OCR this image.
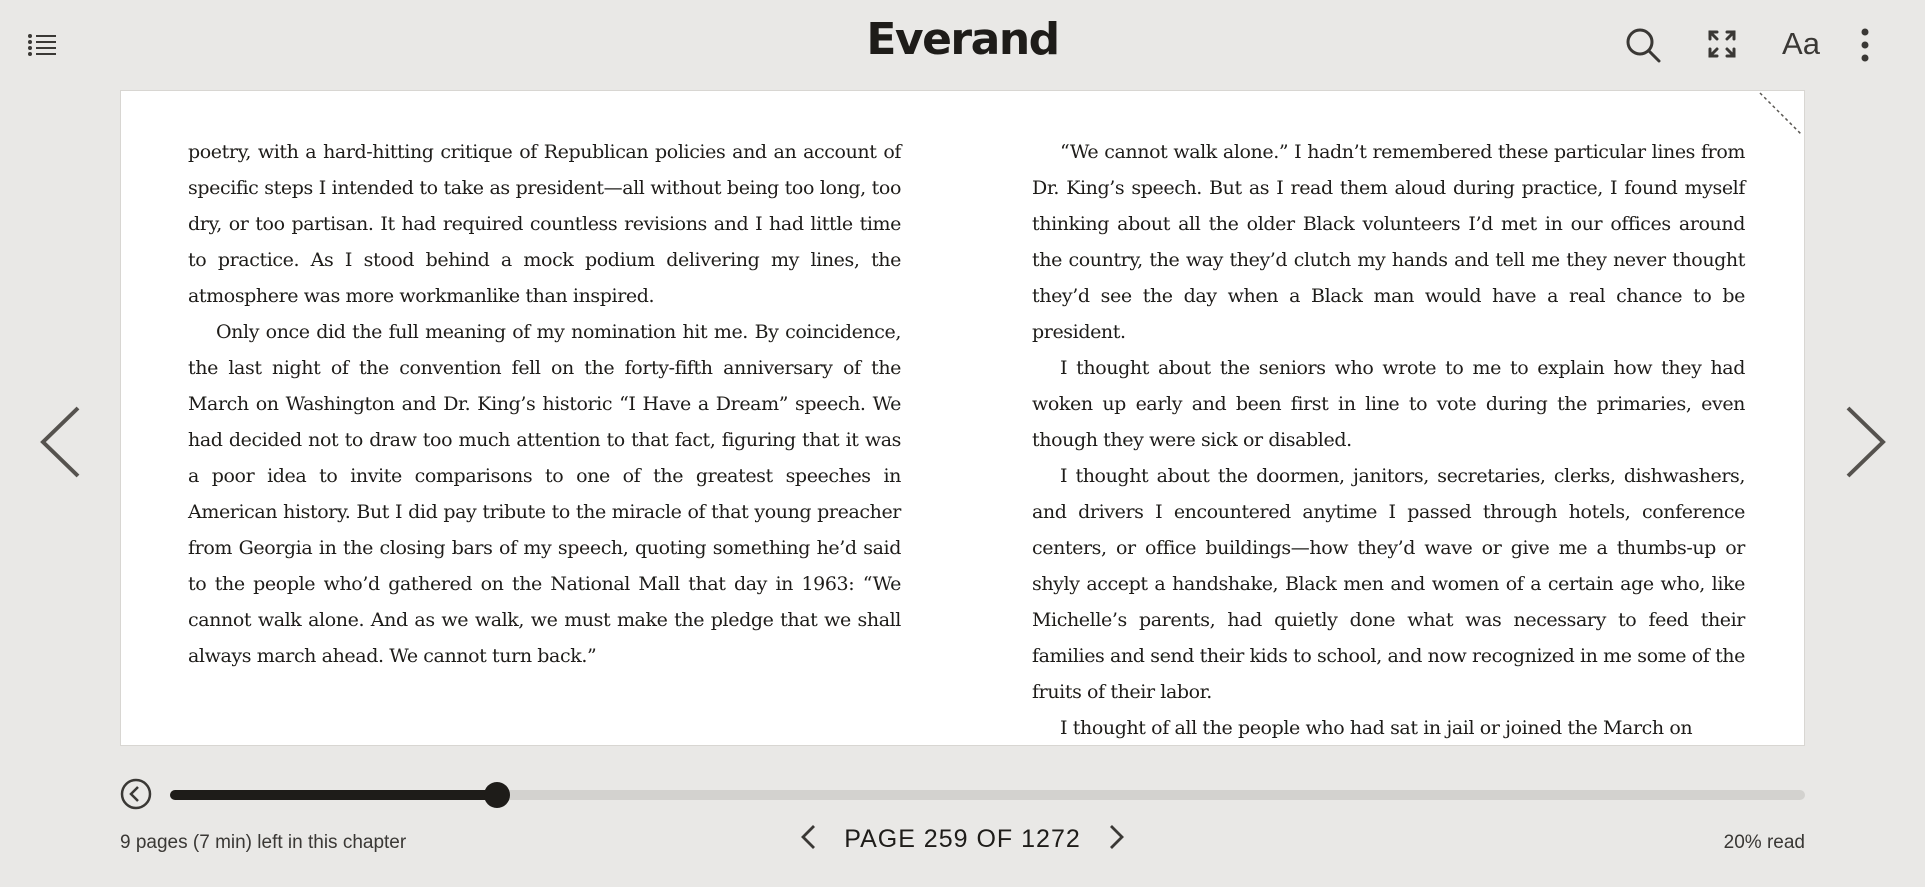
Everand	Aa

poetry, with a hard-hitting critique of Republican policies and an account of specific steps I intended to take as president—all without being too long, too dry, or too partisan. It had required countless revisions and I had little time to practice. As I stood behind a mock podium delivering my lines, the atmosphere was more workmanlike than inspired.

Only once did the full meaning of my nomination hit me. By coincidence, the last night of the convention fell on the forty-fifth anniversary of the March on Washington and Dr. King’s historic “I Have a Dream” speech. We had decided not to draw too much attention to that fact, figuring that it was a poor idea to invite comparisons to one of the greatest speeches in American history. But I did pay tribute to the miracle of that young preacher from Georgia in the closing bars of my speech, quoting something he’d said to the people who’d gathered on the National Mall that day in 1963: “We cannot walk alone. And as we walk, we must make the pledge that we shall always march ahead. We cannot turn back.”

“We cannot walk alone.” I hadn’t remembered these particular lines from Dr. King’s speech. But as I read them aloud during practice, I found myself thinking about all the older Black volunteers I’d met in our offices around the country, the way they’d clutch my hands and tell me they never thought they’d see the day when a Black man would have a real chance to be president.

I thought about the seniors who wrote to me to explain how they had woken up early and been first in line to vote during the primaries, even though they were sick or disabled.

I thought about the doormen, janitors, secretaries, clerks, dishwashers, and drivers I encountered anytime I passed through hotels, conference centers, or office buildings—how they’d wave or give me a thumbs-up or shyly accept a handshake, Black men and women of a certain age who, like Michelle’s parents, had quietly done what was necessary to feed their families and send their kids to school, and now recognized in me some of the fruits of their labor.

I thought of all the people who had sat in jail or joined the March on

9 pages (7 min) left in this chapter	PAGE 259 OF 1272	20% read
